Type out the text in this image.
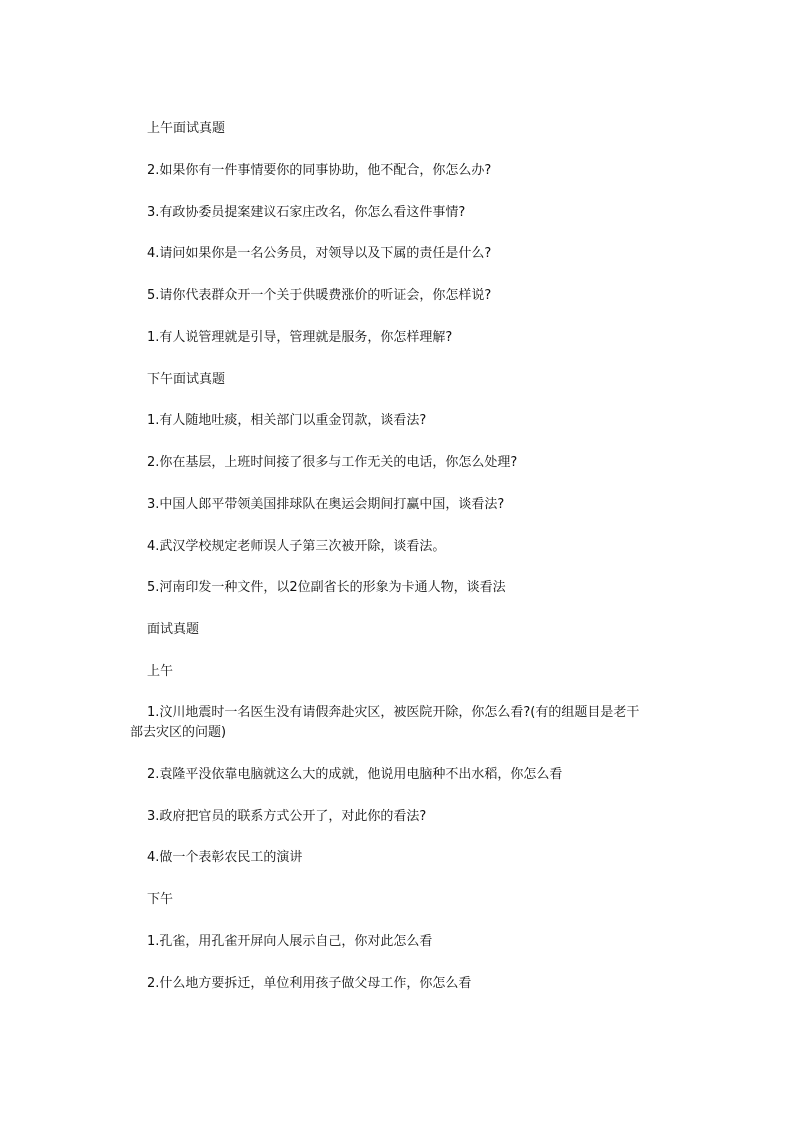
上午面试真题
2.如果你有一件事情要你的同事协助，他不配合，你怎么办?
3.有政协委员提案建议石家庄改名，你怎么看这件事情?
4.请问如果你是一名公务员，对领导以及下属的责任是什么?
5.请你代表群众开一个关于供暖费涨价的听证会，你怎样说?
1.有人说管理就是引导，管理就是服务，你怎样理解?
下午面试真题
1.有人随地吐痰，相关部门以重金罚款，谈看法?
2.你在基层，上班时间接了很多与工作无关的电话，你怎么处理?
3.中国人郎平带领美国排球队在奥运会期间打赢中国，谈看法?
4.武汉学校规定老师误人子第三次被开除，谈看法。
5.河南印发一种文件，以2位副省长的形象为卡通人物，谈看法
面试真题
上午
1.汶川地震时一名医生没有请假奔赴灾区，被医院开除，你怎么看?(有的组题目是老干
部去灾区的问题)
2.袁隆平没依靠电脑就这么大的成就，他说用电脑种不出水稻，你怎么看
3.政府把官员的联系方式公开了，对此你的看法?
4.做一个表彰农民工的演讲
下午
1.孔雀，用孔雀开屏向人展示自己，你对此怎么看
2.什么地方要拆迁，单位利用孩子做父母工作，你怎么看
